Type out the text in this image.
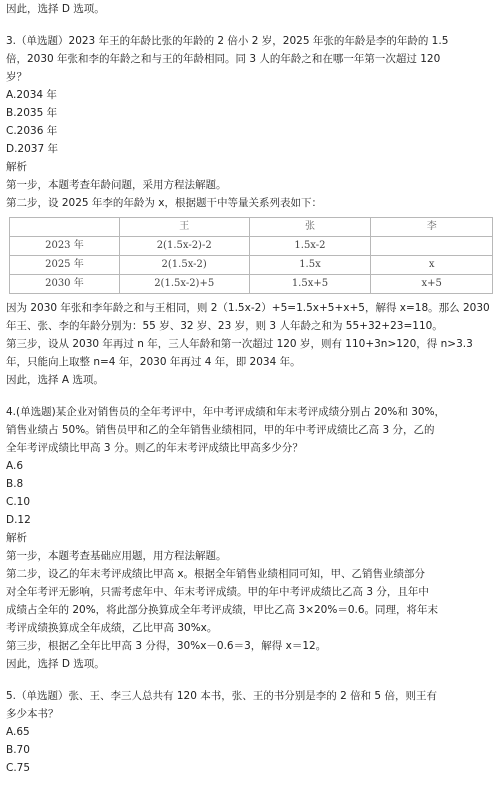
因此，选择 D 选项。
3.（单选题）2023 年王的年龄比张的年龄的 2 倍小 2 岁，2025 年张的年龄是李的年龄的 1.5
倍，2030 年张和李的年龄之和与王的年龄相同。同 3 人的年龄之和在哪一年第一次超过 120
岁？
A.2034 年
B.2035 年
C.2036 年
D.2037 年
解析
第一步，本题考查年龄问题，采用方程法解题。
第二步，设 2025 年李的年龄为 x，根据题干中等量关系列表如下：
	王	张	李
2023 年	2(1.5x-2)-2	1.5x-2	
2025 年	2(1.5x-2)	1.5x	x
2030 年	2(1.5x-2)+5	1.5x+5	x+5
因为 2030 年张和李年龄之和与王相同，则 2（1.5x-2）+5=1.5x+5+x+5，解得 x=18。那么 2030
年王、张、李的年龄分别为：55 岁、32 岁、23 岁，则 3 人年龄之和为 55+32+23=110。
第三步，设从 2030 年再过 n 年，三人年龄和第一次超过 120 岁，则有 110+3n>120，得 n>3.3
年，只能向上取整 n=4 年，2030 年再过 4 年，即 2034 年。
因此，选择 A 选项。
4.(单选题)某企业对销售员的全年考评中，年中考评成绩和年末考评成绩分别占 20%和 30%，
销售业绩占 50%。销售员甲和乙的全年销售业绩相同，甲的年中考评成绩比乙高 3 分，乙的
全年考评成绩比甲高 3 分。则乙的年末考评成绩比甲高多少分？
A.6
B.8
C.10
D.12
解析
第一步，本题考查基础应用题，用方程法解题。
第二步，设乙的年末考评成绩比甲高 x。根据全年销售业绩相同可知，甲、乙销售业绩部分
对全年考评无影响，只需考虑年中、年末考评成绩。甲的年中考评成绩比乙高 3 分，且年中
成绩占全年的 20%，将此部分换算成全年考评成绩，甲比乙高 3×20%＝0.6。同理，将年末
考评成绩换算成全年成绩，乙比甲高 30%x。
第三步，根据乙全年比甲高 3 分得，30%x－0.6＝3，解得 x＝12。
因此，选择 D 选项。
5.（单选题）张、王、李三人总共有 120 本书，张、王的书分别是李的 2 倍和 5 倍，则王有
多少本书？
A.65
B.70
C.75
